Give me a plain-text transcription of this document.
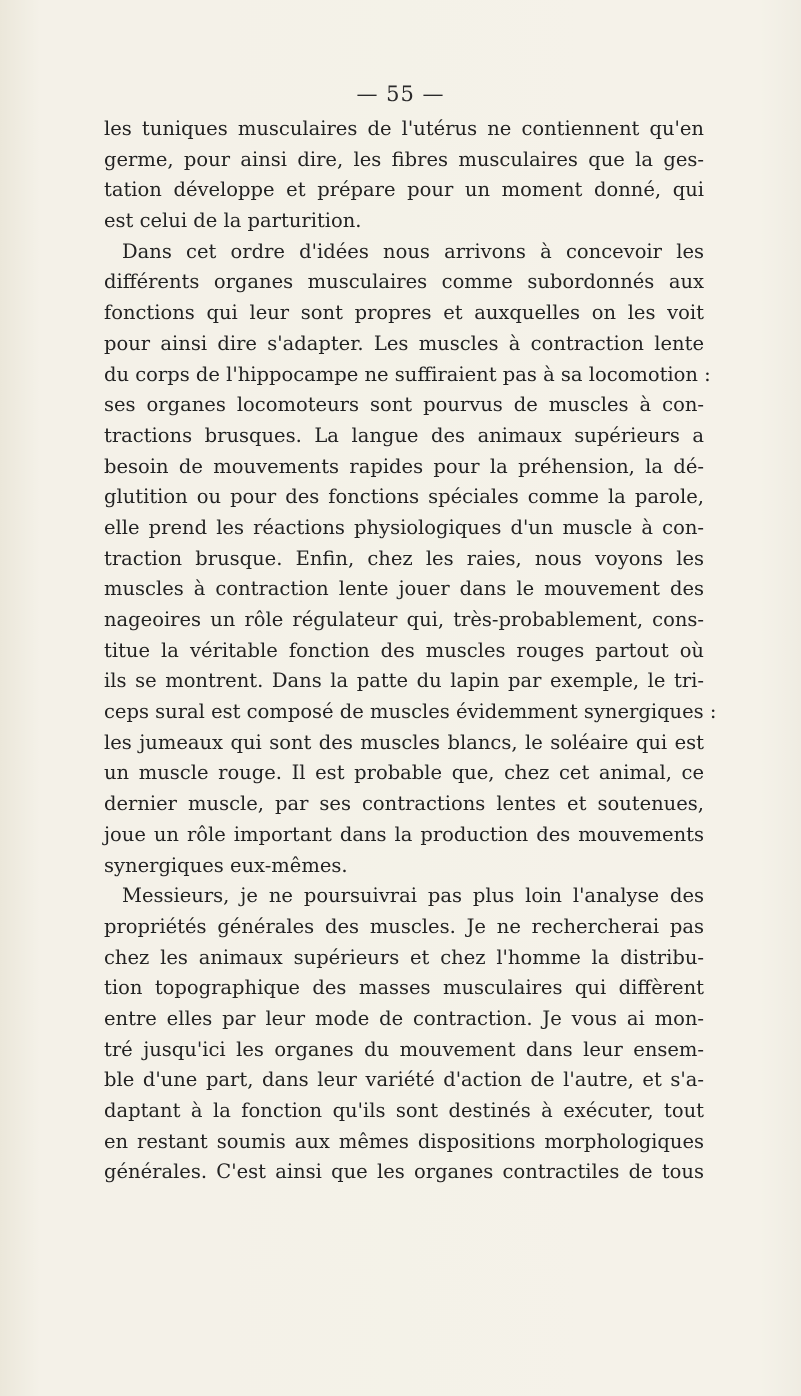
— 55 —
les tuniques musculaires de l'utérus ne contiennent qu'en
germe, pour ainsi dire, les fibres musculaires que la ges-
tation développe et prépare pour un moment donné, qui
est celui de la parturition.
Dans cet ordre d'idées nous arrivons à concevoir les
différents organes musculaires comme subordonnés aux
fonctions qui leur sont propres et auxquelles on les voit
pour ainsi dire s'adapter. Les muscles à contraction lente
du corps de l'hippocampe ne suffiraient pas à sa locomotion :
ses organes locomoteurs sont pourvus de muscles à con-
tractions brusques. La langue des animaux supérieurs a
besoin de mouvements rapides pour la préhension, la dé-
glutition ou pour des fonctions spéciales comme la parole,
elle prend les réactions physiologiques d'un muscle à con-
traction brusque. Enfin, chez les raies, nous voyons les
muscles à contraction lente jouer dans le mouvement des
nageoires un rôle régulateur qui, très-probablement, cons-
titue la véritable fonction des muscles rouges partout où
ils se montrent. Dans la patte du lapin par exemple, le tri-
ceps sural est composé de muscles évidemment synergiques :
les jumeaux qui sont des muscles blancs, le soléaire qui est
un muscle rouge. Il est probable que, chez cet animal, ce
dernier muscle, par ses contractions lentes et soutenues,
joue un rôle important dans la production des mouvements
synergiques eux-mêmes.
Messieurs, je ne poursuivrai pas plus loin l'analyse des
propriétés générales des muscles. Je ne rechercherai pas
chez les animaux supérieurs et chez l'homme la distribu-
tion topographique des masses musculaires qui diffèrent
entre elles par leur mode de contraction. Je vous ai mon-
tré jusqu'ici les organes du mouvement dans leur ensem-
ble d'une part, dans leur variété d'action de l'autre, et s'a-
daptant à la fonction qu'ils sont destinés à exécuter, tout
en restant soumis aux mêmes dispositions morphologiques
générales. C'est ainsi que les organes contractiles de tous
